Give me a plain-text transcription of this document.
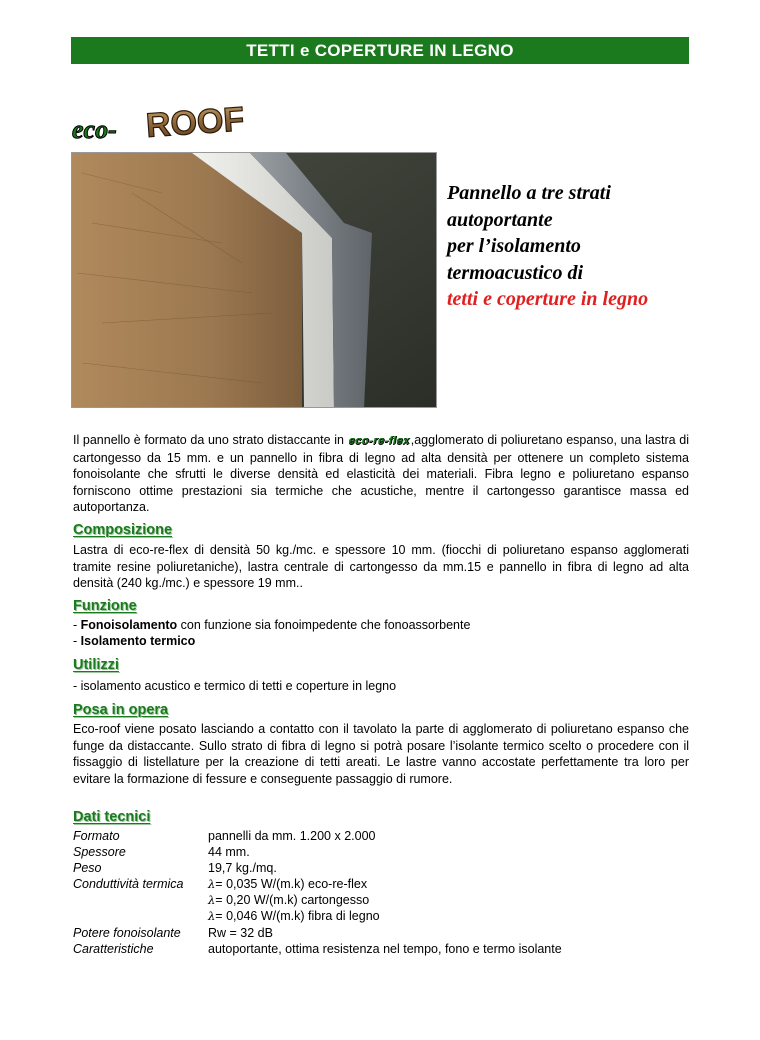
TETTI e COPERTURE IN LEGNO
eco- ROOF
Pannello a tre strati
autoportante
per l’isolamento
termoacustico di
tetti e coperture in legno
Il pannello è formato da uno strato distaccante in eco-re-flex,agglomerato di poliuretano espanso, una lastra di cartongesso da 15 mm. e un pannello in fibra di legno ad alta densità per ottenere un completo sistema fonoisolante che sfrutti le diverse densità ed elasticità dei materiali. Fibra legno e poliuretano espanso forniscono ottime prestazioni sia termiche che acustiche, mentre il cartongesso garantisce massa ed autoportanza.
Composizione
Lastra di eco-re-flex di densità 50 kg./mc. e spessore 10 mm. (fiocchi di poliuretano espanso agglomerati tramite resine poliuretaniche), lastra centrale di cartongesso da mm.15 e pannello in fibra di legno ad alta densità (240 kg./mc.) e spessore 19 mm..
Funzione
- Fonoisolamento con funzione sia fonoimpedente che fonoassorbente
- Isolamento termico
Utilizzi
- isolamento acustico e termico di tetti e coperture in legno
Posa in opera
Eco-roof viene posato lasciando a contatto con il tavolato la parte di agglomerato di poliuretano espanso che funge da distaccante. Sullo strato di fibra di legno si potrà posare l’isolante termico scelto o procedere con il fissaggio di listellature per la creazione di tetti areati. Le lastre vanno accostate perfettamente tra loro per evitare la formazione di fessure e conseguente passaggio di rumore.
Dati tecnici
Formato	pannelli da mm. 1.200 x 2.000
Spessore	44 mm.
Peso	19,7 kg./mq.
Conduttività termica	λ= 0,035 W/(m.k) eco-re-flex
	λ= 0,20 W/(m.k) cartongesso
	λ= 0,046 W/(m.k) fibra di legno
Potere fonoisolante	Rw = 32 dB
Caratteristiche	autoportante, ottima resistenza nel tempo, fono e termo isolante
